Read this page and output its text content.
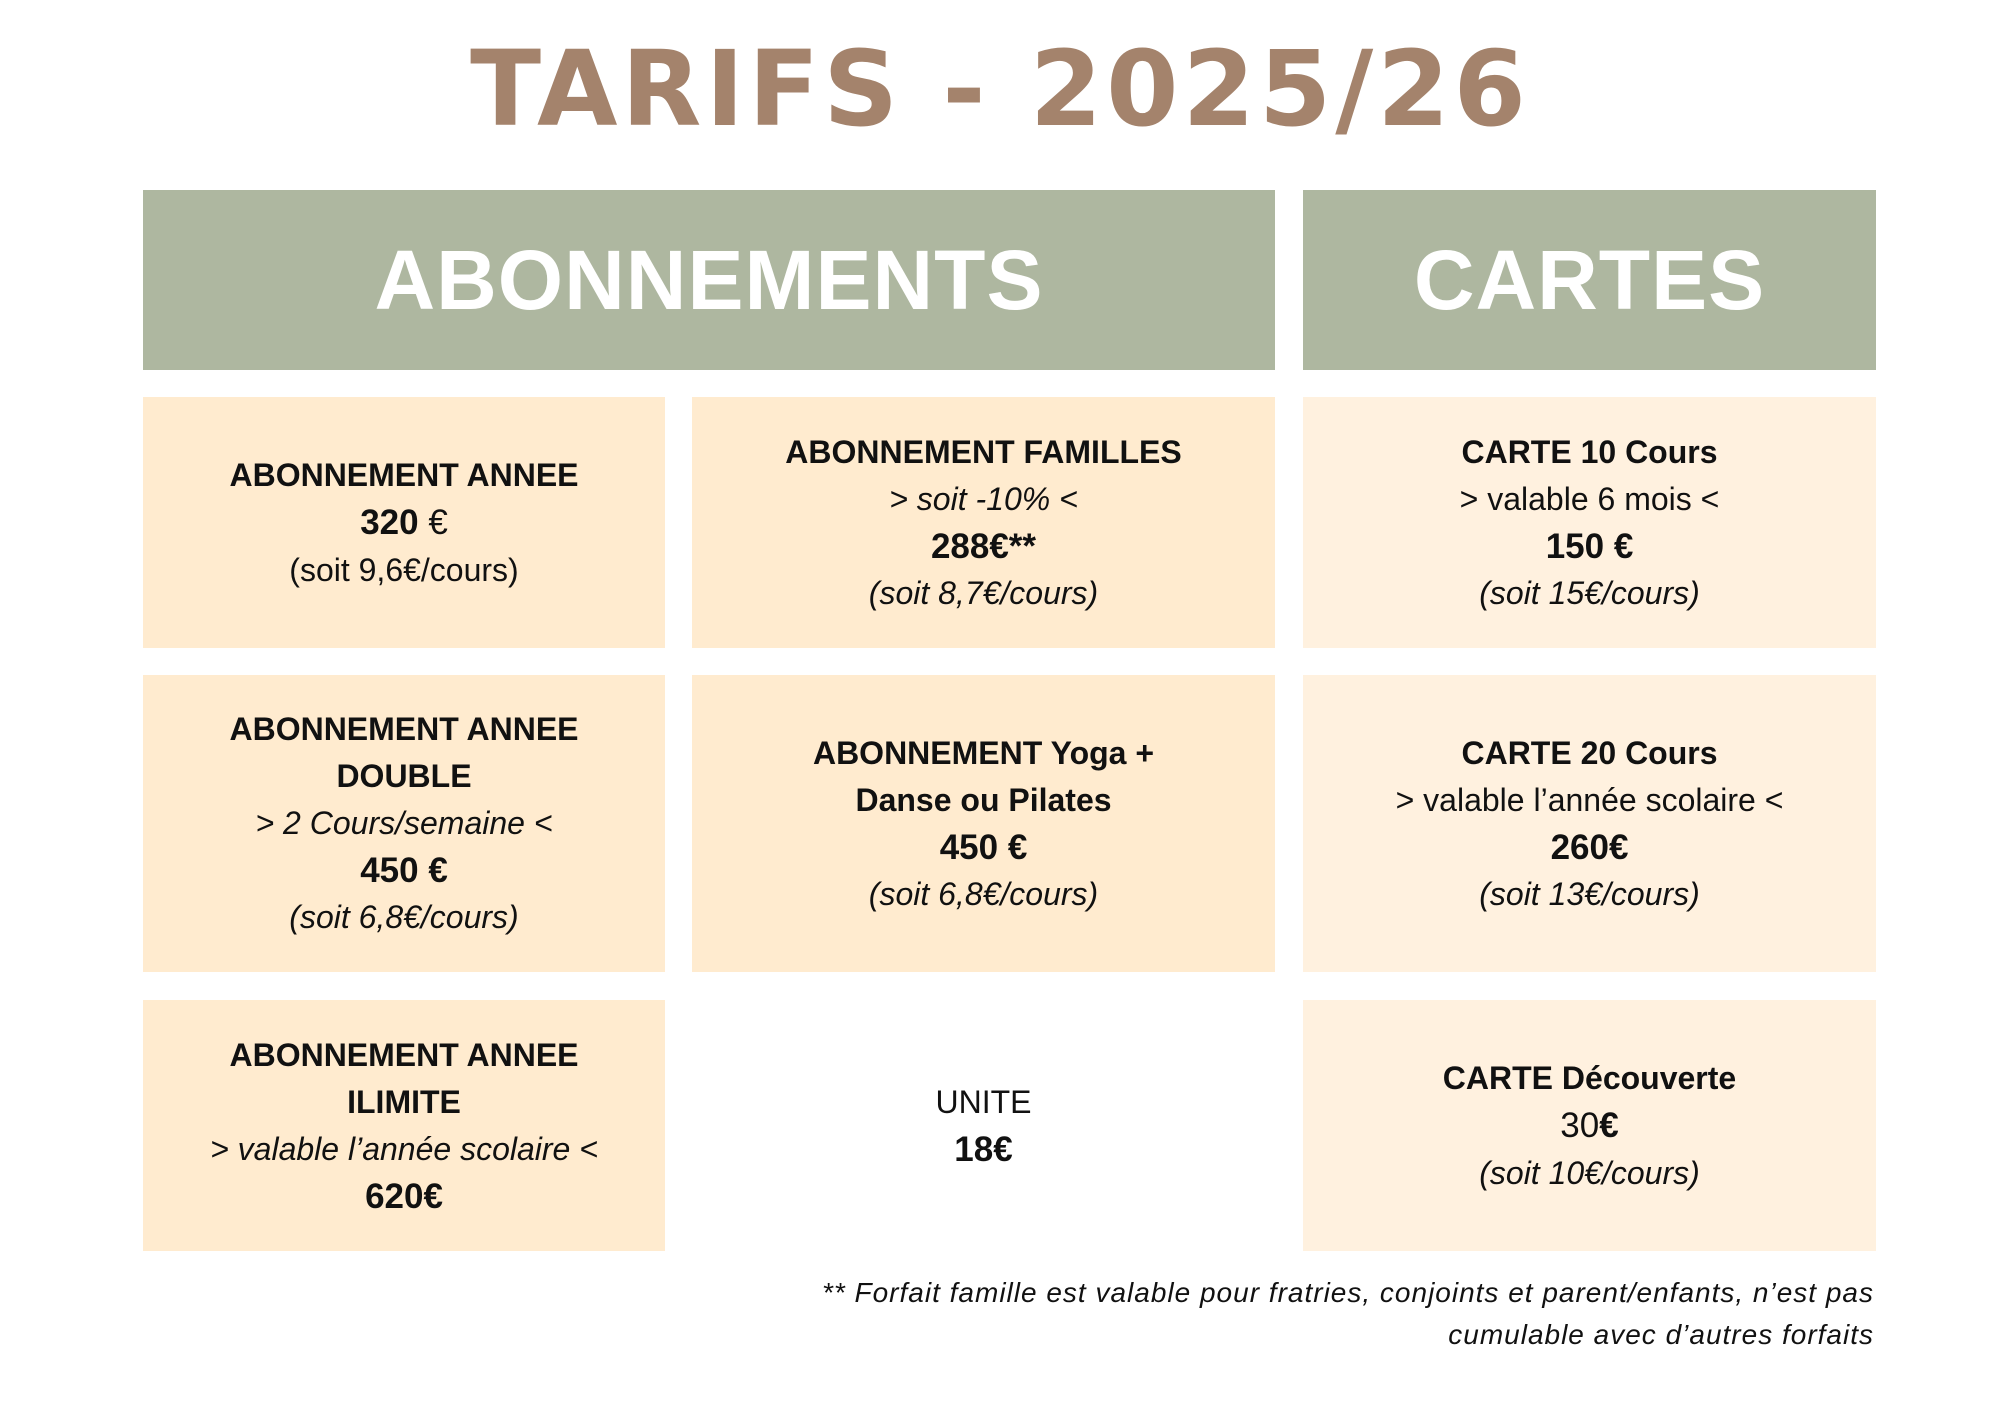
TARIFS - 2025/26
ABONNEMENTS	CARTES
ABONNEMENT ANNEE
320 €
(soit 9,6€/cours)
ABONNEMENT FAMILLES
> soit -10% <
288€**
(soit 8,7€/cours)
CARTE 10 Cours
> valable 6 mois <
150 €
(soit 15€/cours)
ABONNEMENT ANNEE
DOUBLE
> 2 Cours/semaine <
450 €
(soit 6,8€/cours)
ABONNEMENT Yoga +
Danse ou Pilates
450 €
(soit 6,8€/cours)
CARTE 20 Cours
> valable l’année scolaire <
260€
(soit 13€/cours)
ABONNEMENT ANNEE
ILIMITE
> valable l’année scolaire <
620€
UNITE
18€
CARTE Découverte
30€
(soit 10€/cours)
** Forfait famille est valable pour fratries, conjoints et parent/enfants, n’est pas
cumulable avec d’autres forfaits
